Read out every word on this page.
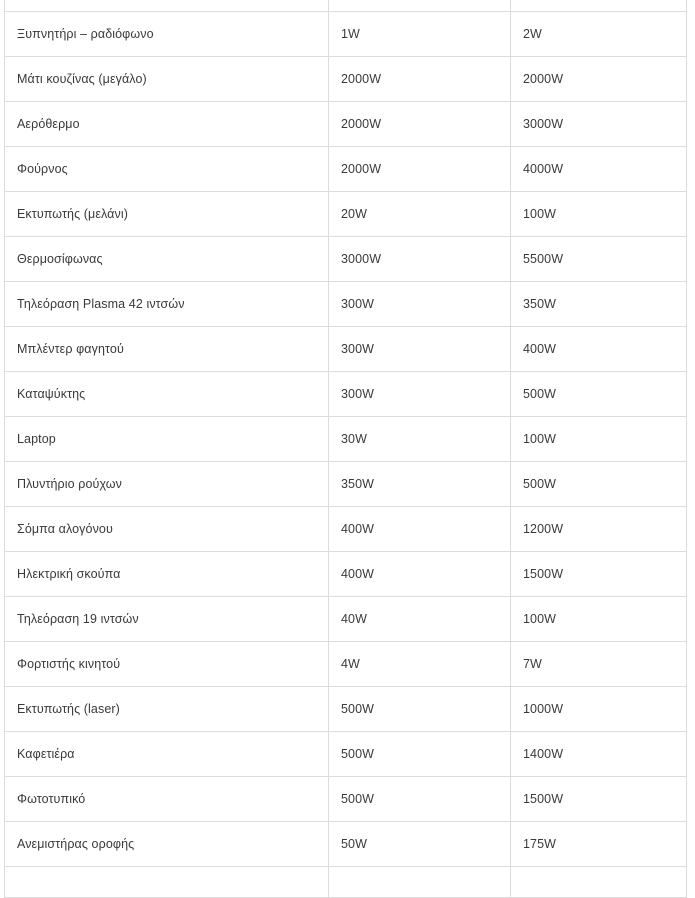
Ξυπνητήρι – ραδιόφωνο	1W	2W
Μάτι κουζίνας (μεγάλο)	2000W	2000W
Αερόθερμο	2000W	3000W
Φούρνος	2000W	4000W
Εκτυπωτής (μελάνι)	20W	100W
Θερμοσίφωνας	3000W	5500W
Τηλεόραση Plasma 42 ιντσών	300W	350W
Μπλέντερ φαγητού	300W	400W
Καταψύκτης	300W	500W
Laptop	30W	100W
Πλυντήριο ρούχων	350W	500W
Σόμπα αλογόνου	400W	1200W
Ηλεκτρική σκούπα	400W	1500W
Τηλεόραση 19 ιντσών	40W	100W
Φορτιστής κινητού	4W	7W
Εκτυπωτής (laser)	500W	1000W
Καφετιέρα	500W	1400W
Φωτοτυπικό	500W	1500W
Ανεμιστήρας οροφής	50W	175W
